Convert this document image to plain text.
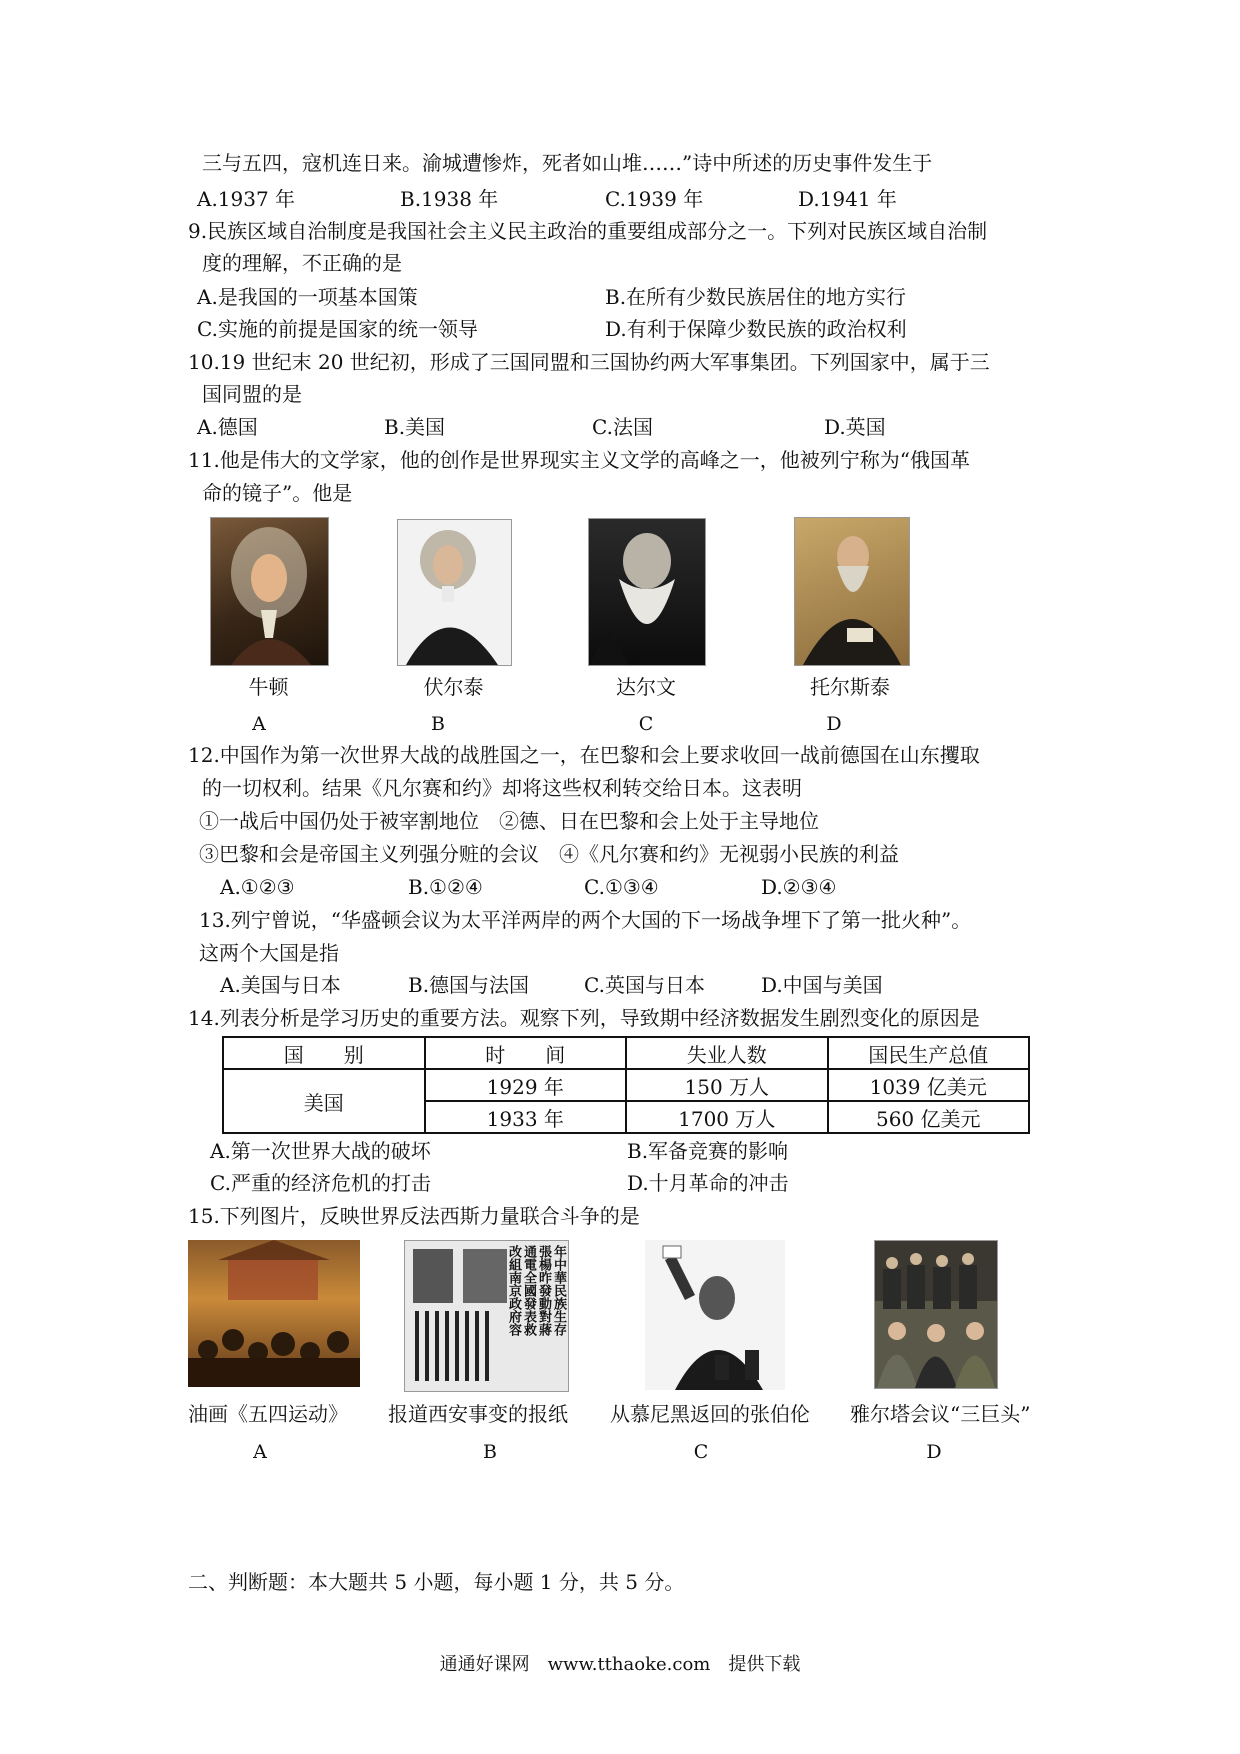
三与五四，寇机连日来。渝城遭惨炸，死者如山堆……”诗中所述的历史事件发生于
A.1937 年	B.1938 年	C.1939 年	D.1941 年
9.民族区域自治制度是我国社会主义民主政治的重要组成部分之一。下列对民族区域自治制
度的理解，不正确的是
A.是我国的一项基本国策	B.在所有少数民族居住的地方实行
C.实施的前提是国家的统一领导	D.有利于保障少数民族的政治权利
10.19 世纪末 20 世纪初，形成了三国同盟和三国协约两大军事集团。下列国家中，属于三
国同盟的是
A.德国	B.美国	C.法国	D.英国
11.他是伟大的文学家，他的创作是世界现实主义文学的高峰之一，他被列宁称为“俄国革
命的镜子”。他是
牛顿	伏尔泰	达尔文	托尔斯泰
A	B	C	D
12.中国作为第一次世界大战的战胜国之一，在巴黎和会上要求收回一战前德国在山东攫取
的一切权利。结果《凡尔赛和约》却将这些权利转交给日本。这表明
①一战后中国仍处于被宰割地位　②德、日在巴黎和会上处于主导地位
③巴黎和会是帝国主义列强分赃的会议　④《凡尔赛和约》无视弱小民族的利益
A.①②③	B.①②④	C.①③④	D.②③④
13.列宁曾说，“华盛顿会议为太平洋两岸的两个大国的下一场战争埋下了第一批火种”。
这两个大国是指
A.美国与日本	B.德国与法国	C.英国与日本	D.中国与美国
14.列表分析是学习历史的重要方法。观察下列，导致期中经济数据发生剧烈变化的原因是
国　　别	时　　间	失业人数	国民生产总值
美国	1929 年	150 万人	1039 亿美元
	1933 年	1700 万人	560 亿美元
A.第一次世界大战的破坏	B.军备竞赛的影响
C.严重的经济危机的打击	D.十月革命的冲击
15.下列图片，反映世界反法西斯力量联合斗争的是
年中華民族生存
張楊昨發動對蔣
通電全國發表救
改組南京政府容
油画《五四运动》	报道西安事变的报纸	从慕尼黑返回的张伯伦	雅尔塔会议“三巨头”
A	B	C	D
二、判断题：本大题共 5 小题，每小题 1 分，共 5 分。
通通好课网　www.tthaoke.com　提供下载
